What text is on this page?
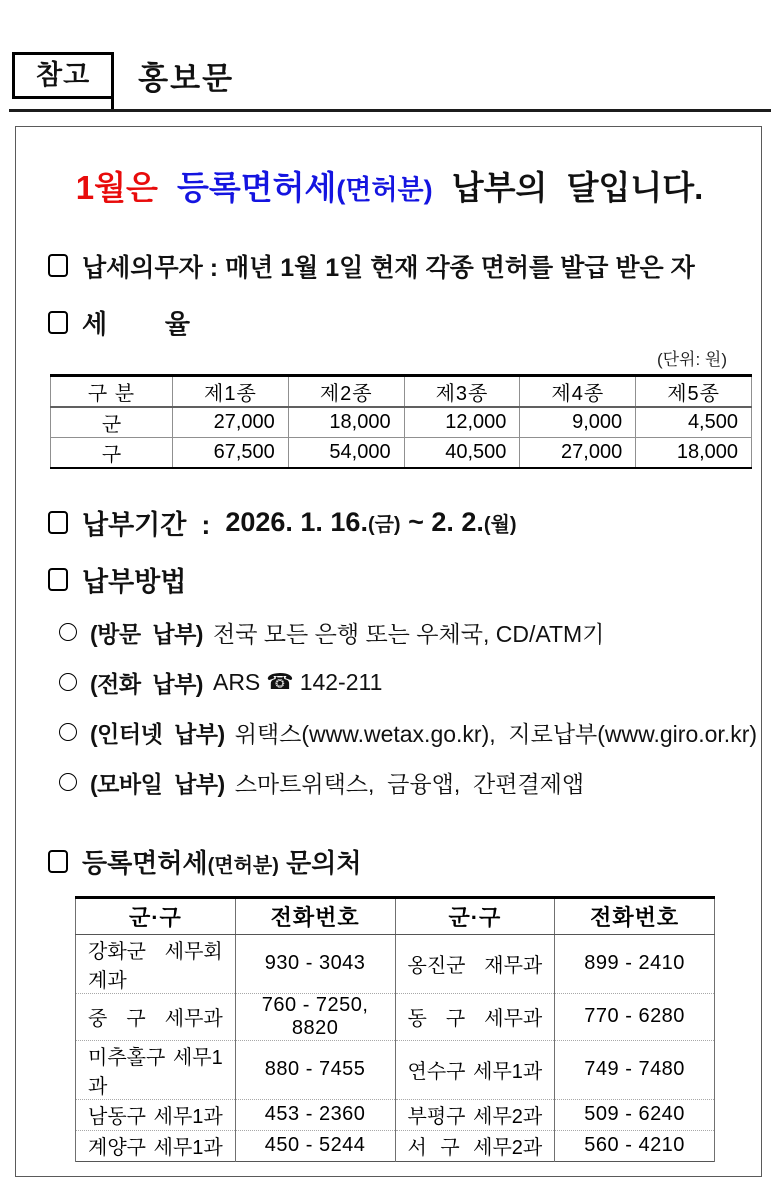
참고	홍보문
1월은 등록면허세(면허분) 납부의 달입니다.
납세의무자 : 매년 1월 1일 현재 각종 면허를 발급 받은 자
세        율
(단위: 원)
구 분	제1종	제2종	제3종	제4종	제5종
군	27,000	18,000	12,000	9,000	4,500
구	67,500	54,000	40,500	27,000	18,000
납부기간  : 2026. 1. 16. (금) ~ 2. 2. (월)
납부방법
(방문  납부) 전국 모든 은행 또는 우체국, CD/ATM기
(전화  납부) ARS ☎ 142-211
(인터넷  납부) 위택스(www.wetax.go.kr),  지로납부(www.giro.or.kr)
(모바일  납부) 스마트위택스,  금융앱,  간편결제앱
등록면허세(면허분) 문의처
군·구	전화번호	군·구	전화번호
강화군 세무회계과	930 - 3043	옹진군 재무과	899 - 2410
중 구 세무과	760 - 7250, 8820	동 구 세무과	770 - 6280
미추홀구 세무1과	880 - 7455	연수구 세무1과	749 - 7480
남동구 세무1과	453 - 2360	부평구 세무2과	509 - 6240
계양구 세무1과	450 - 5244	서 구 세무2과	560 - 4210
